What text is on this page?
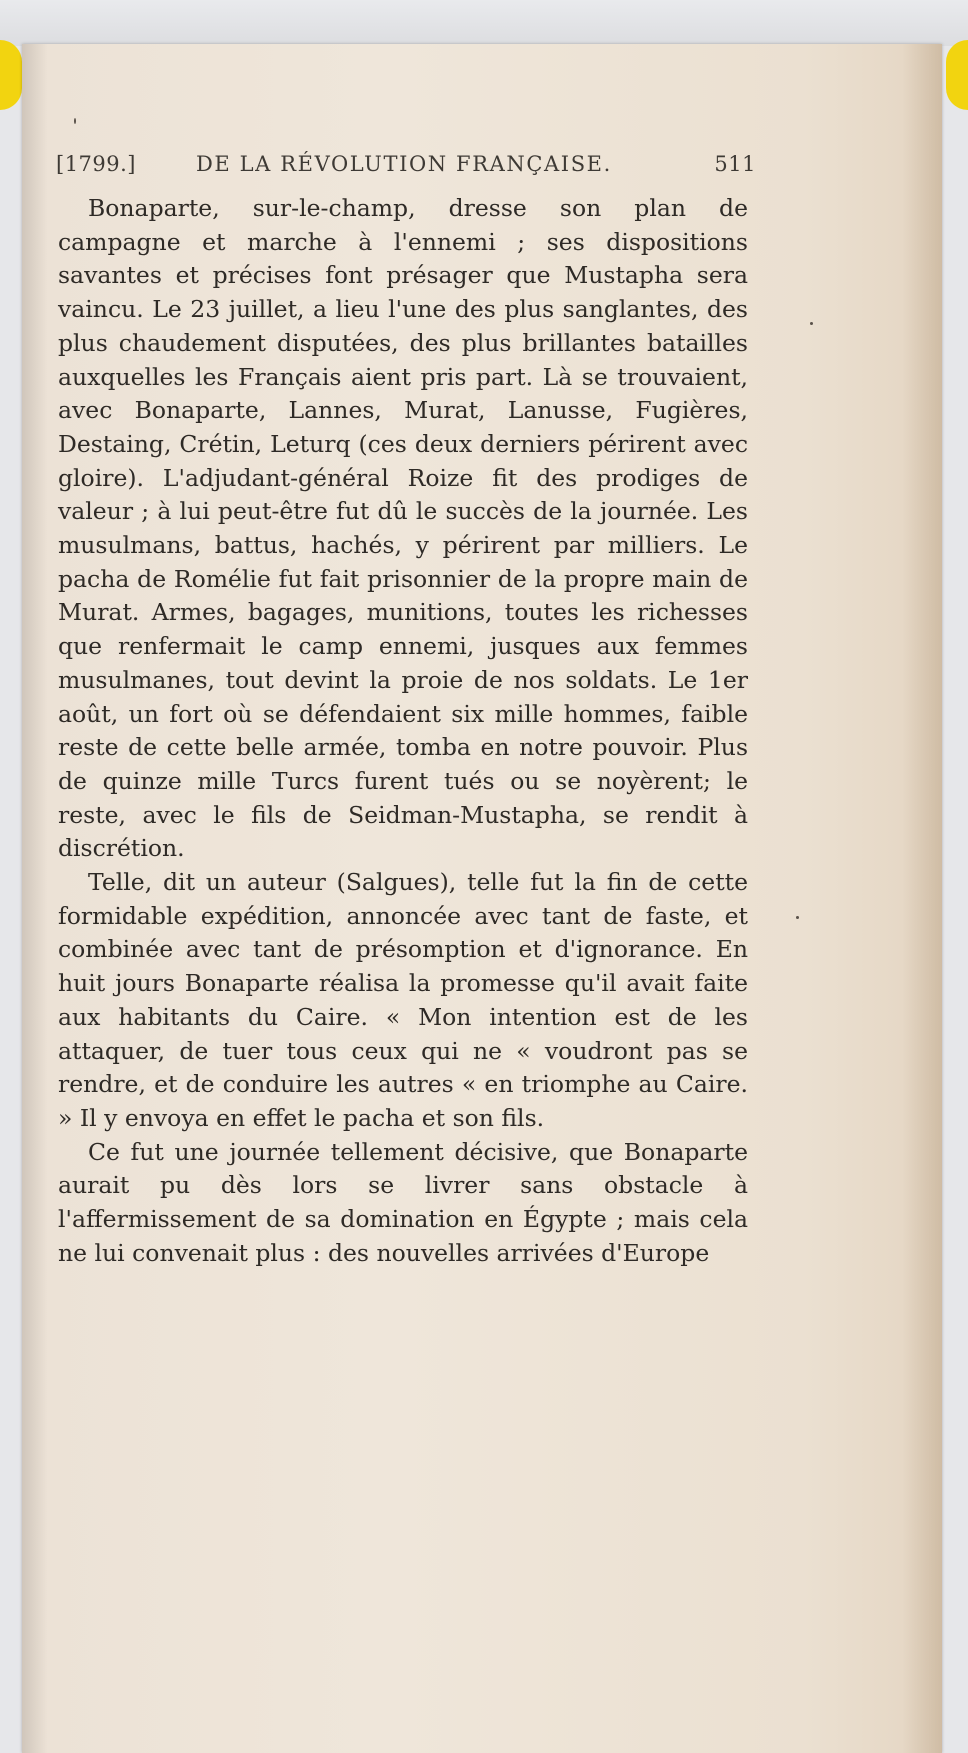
[1799.]	DE LA RÉVOLUTION FRANÇAISE.	511

Bonaparte, sur-le-champ, dresse son plan de campagne et marche à l'ennemi ; ses dispositions savantes et précises font présager que Mustapha sera vaincu. Le 23 juillet, a lieu l'une des plus sanglantes, des plus chaudement disputées, des plus brillantes batailles auxquelles les Français aient pris part. Là se trouvaient, avec Bonaparte, Lannes, Murat, Lanusse, Fugières, Destaing, Crétin, Leturq (ces deux derniers périrent avec gloire). L'adjudant-général Roize fit des prodiges de valeur ; à lui peut-être fut dû le succès de la journée. Les musulmans, battus, hachés, y périrent par milliers. Le pacha de Romélie fut fait prisonnier de la propre main de Murat. Armes, bagages, munitions, toutes les richesses que renfermait le camp ennemi, jusques aux femmes musulmanes, tout devint la proie de nos soldats. Le 1er août, un fort où se défendaient six mille hommes, faible reste de cette belle armée, tomba en notre pouvoir. Plus de quinze mille Turcs furent tués ou se noyèrent; le reste, avec le fils de Seidman-Mustapha, se rendit à discrétion.

Telle, dit un auteur (Salgues), telle fut la fin de cette formidable expédition, annoncée avec tant de faste, et combinée avec tant de présomption et d'ignorance. En huit jours Bonaparte réalisa la promesse qu'il avait faite aux habitants du Caire. « Mon intention est de les attaquer, de tuer tous ceux qui ne « voudront pas se rendre, et de conduire les autres « en triomphe au Caire. » Il y envoya en effet le pacha et son fils.

Ce fut une journée tellement décisive, que Bonaparte aurait pu dès lors se livrer sans obstacle à l'affermissement de sa domination en Égypte ; mais cela ne lui convenait plus : des nouvelles arrivées d'Europe
